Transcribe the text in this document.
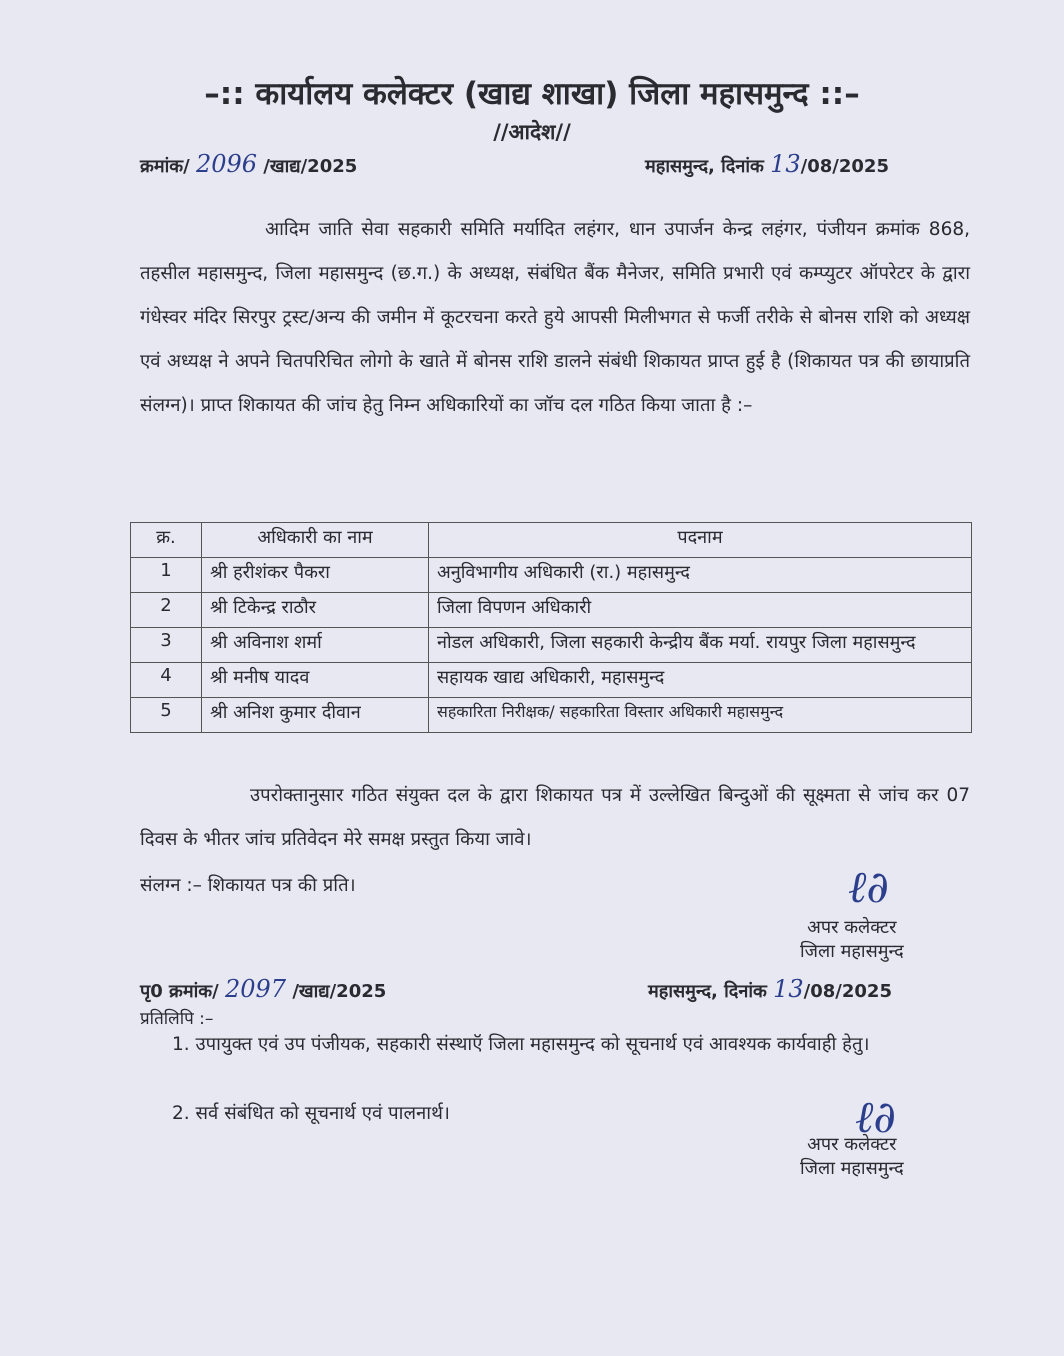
–:: कार्यालय कलेक्टर (खाद्य शाखा) जिला महासमुन्द ::–
//आदेश//
क्रमांक/ 2096 /खाद्य/2025	महासमुन्द, दिनांक 13/08/2025
आदिम जाति सेवा सहकारी समिति मर्यादित लहंगर, धान उपार्जन केन्द्र लहंगर, पंजीयन क्रमांक 868, तहसील महासमुन्द, जिला महासमुन्द (छ.ग.) के अध्यक्ष, संबंधित बैंक मैनेजर, समिति प्रभारी एवं कम्प्युटर ऑपरेटर के द्वारा गंधेस्वर मंदिर सिरपुर ट्रस्ट/अन्य की जमीन में कूटरचना करते हुये आपसी मिलीभगत से फर्जी तरीके से बोनस राशि को अध्यक्ष एवं अध्यक्ष ने अपने चितपरिचित लोगो के खाते में बोनस राशि डालने संबंधी शिकायत प्राप्त हुई है (शिकायत पत्र की छायाप्रति संलग्न)। प्राप्त शिकायत की जांच हेतु निम्न अधिकारियों का जॉच दल गठित किया जाता है :–
क्र.	अधिकारी का नाम	पदनाम
1	श्री हरीशंकर पैकरा	अनुविभागीय अधिकारी (रा.) महासमुन्द
2	श्री टिकेन्द्र राठौर	जिला विपणन अधिकारी
3	श्री अविनाश शर्मा	नोडल अधिकारी, जिला सहकारी केन्द्रीय बैंक मर्या. रायपुर जिला महासमुन्द
4	श्री मनीष यादव	सहायक खाद्य अधिकारी, महासमुन्द
5	श्री अनिश कुमार दीवान	सहकारिता निरीक्षक/ सहकारिता विस्तार अधिकारी महासमुन्द
उपरोक्तानुसार गठित संयुक्त दल के द्वारा शिकायत पत्र में उल्लेखित बिन्दुओं की सूक्ष्मता से जांच कर 07 दिवस के भीतर जांच प्रतिवेदन मेरे समक्ष प्रस्तुत किया जावे।
संलग्न :– शिकायत पत्र की प्रति।	ℓ∂
अपर कलेक्टर
जिला महासमुन्द
पृ0 क्रमांक/ 2097 /खाद्य/2025	महासमुन्द, दिनांक 13/08/2025
प्रतिलिपि :–
1. उपायुक्त एवं उप पंजीयक, सहकारी संस्थाऍ जिला महासमुन्द को सूचनार्थ एवं आवश्यक कार्यवाही हेतु।
2. सर्व संबंधित को सूचनार्थ एवं पालनार्थ।	ℓ∂
अपर कलेक्टर
जिला महासमुन्द
